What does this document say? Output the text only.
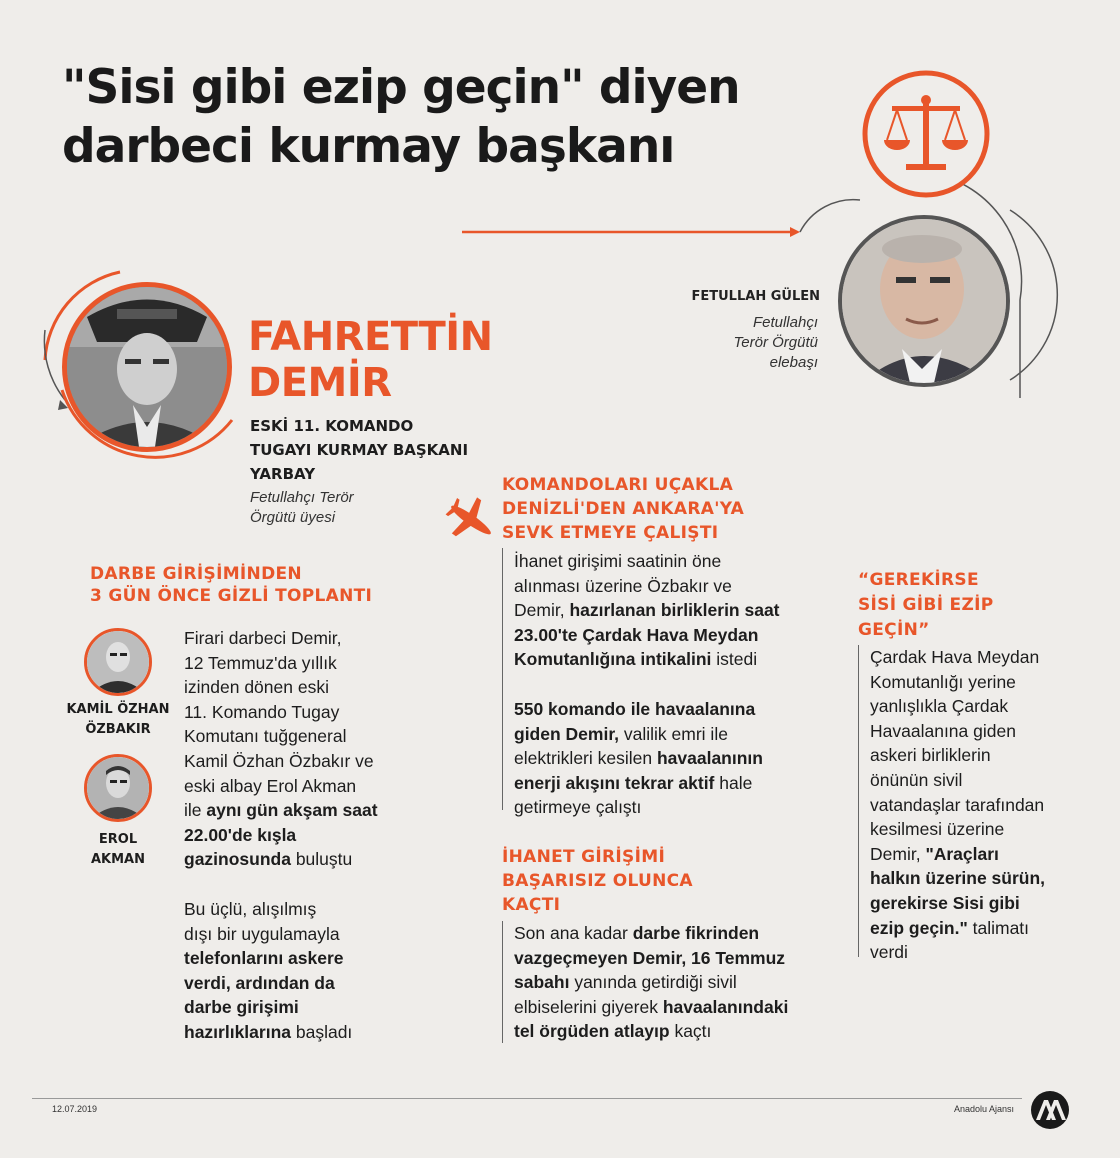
"Sisi gibi ezip geçin" diyen
darbeci kurmay başkanı
FETULLAH GÜLEN
Fetullahçı
Terör Örgütü
elebaşı
FAHRETTİN
DEMİR
ESKİ 11. KOMANDO
TUGAYI KURMAY BAŞKANI
YARBAY
Fetullahçı Terör
Örgütü üyesi
DARBE GİRİŞİMİNDEN
3 GÜN ÖNCE GİZLİ TOPLANTI
KAMİL ÖZHAN
ÖZBAKIR
EROL
AKMAN
Firari darbeci Demir,
12 Temmuz'da yıllık
izinden dönen eski
11. Komando Tugay
Komutanı tuğgeneral
Kamil Özhan Özbakır ve
eski albay Erol Akman
ile aynı gün akşam saat
22.00'de kışla
gazinosunda buluştu
Bu üçlü, alışılmış
dışı bir uygulamayla
telefonlarını askere
verdi, ardından da
darbe girişimi
hazırlıklarına başladı
KOMANDOLARI UÇAKLA
DENİZLİ'DEN ANKARA'YA
SEVK ETMEYE ÇALIŞTI
İhanet girişimi saatinin öne
alınması üzerine Özbakır ve
Demir, hazırlanan birliklerin saat
23.00'te Çardak Hava Meydan
Komutanlığına intikalini istedi
550 komando ile havaalanına
giden Demir, valilik emri ile
elektrikleri kesilen havaalanının
enerji akışını tekrar aktif hale
getirmeye çalıştı
İHANET GİRİŞİMİ
BAŞARISIZ OLUNCA
KAÇTI
Son ana kadar darbe fikrinden
vazgeçmeyen Demir, 16 Temmuz
sabahı yanında getirdiği sivil
elbiselerini giyerek havaalanındaki
tel örgüden atlayıp kaçtı
“GEREKİRSE
SİSİ GİBİ EZİP
GEÇİN”
Çardak Hava Meydan
Komutanlığı yerine
yanlışlıkla Çardak
Havaalanına giden
askeri birliklerin
önünün sivil
vatandaşlar tarafından
kesilmesi üzerine
Demir, "Araçları
halkın üzerine sürün,
gerekirse Sisi gibi
ezip geçin." talimatı
verdi
12.07.2019	Anadolu Ajansı
